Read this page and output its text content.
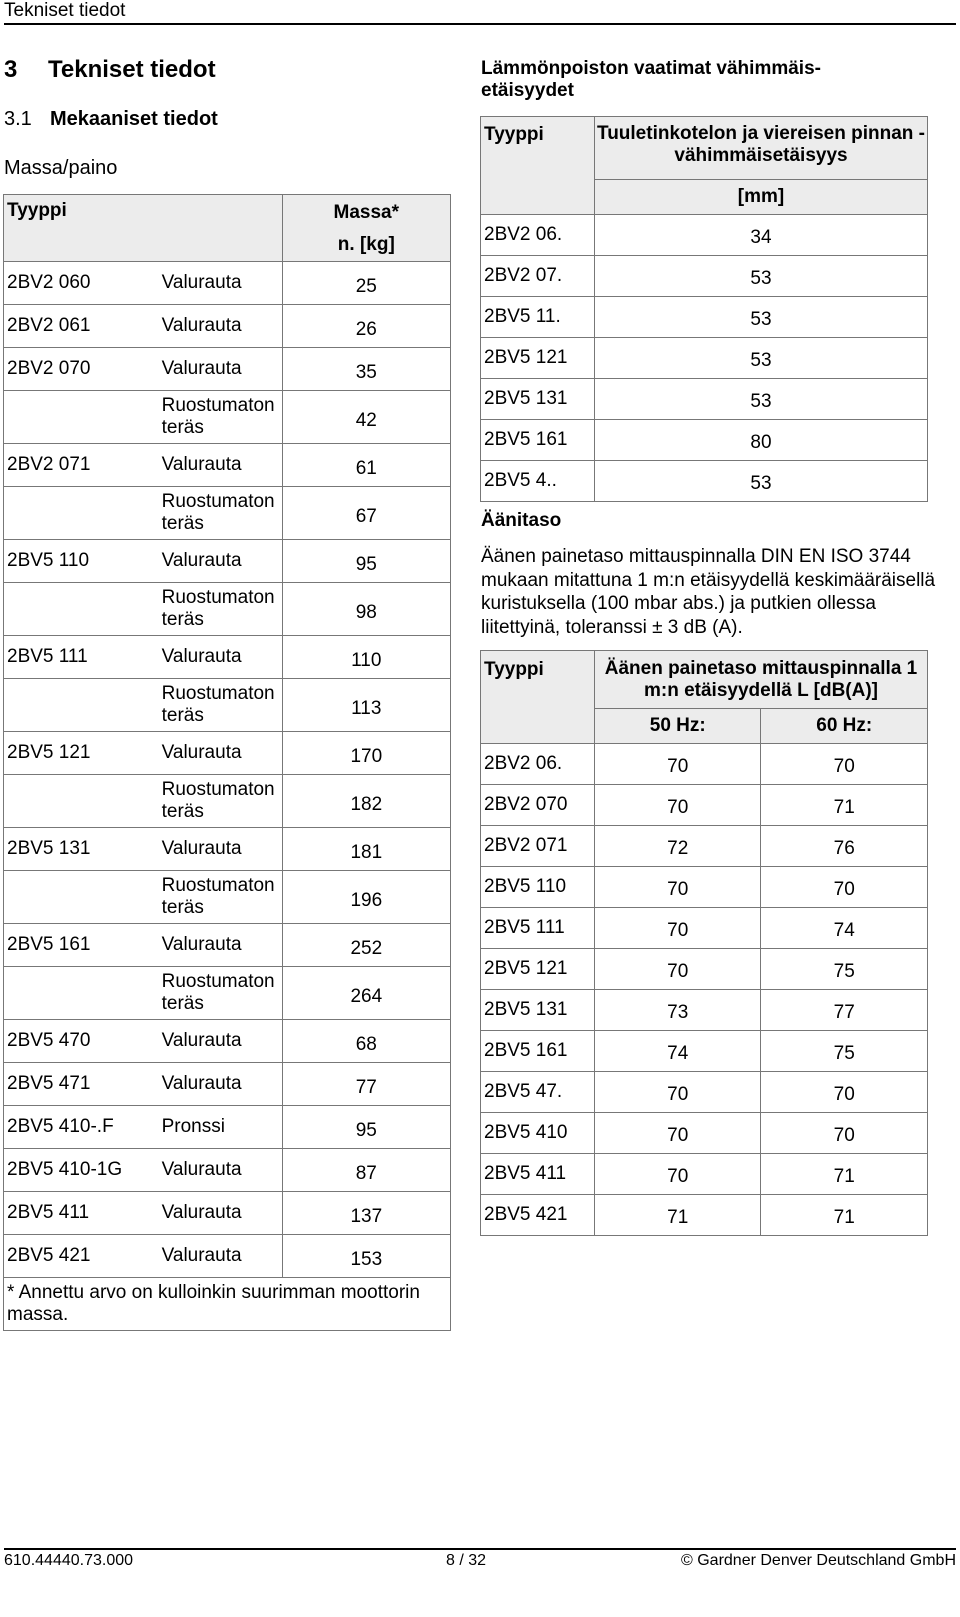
Tekniset tiedot
3 Tekniset tiedot
3.1 Mekaaniset tiedot
Massa/paino
Tyyppi		Massa*
n. [kg]
2BV2 060	Valurauta	25
2BV2 061	Valurauta	26
2BV2 070	Valurauta	35
	Ruostumaton teräs	42
2BV2 071	Valurauta	61
	Ruostumaton teräs	67
2BV5 110	Valurauta	95
	Ruostumaton teräs	98
2BV5 111	Valurauta	110
	Ruostumaton teräs	113
2BV5 121	Valurauta	170
	Ruostumaton teräs	182
2BV5 131	Valurauta	181
	Ruostumaton teräs	196
2BV5 161	Valurauta	252
	Ruostumaton teräs	264
2BV5 470	Valurauta	68
2BV5 471	Valurauta	77
2BV5 410-.F	Pronssi	95
2BV5 410-1G	Valurauta	87
2BV5 411	Valurauta	137
2BV5 421	Valurauta	153

* Annettu arvo on kulloinkin suurimman moottorin massa.		
Lämmönpoiston vaatimat vähimmäis-etäisyydet
Tyyppi	Tuuletinkotelon ja viereisen pinnan -vähimmäisetäisyys
	[mm]
2BV2 06.	34
2BV2 07.	53
2BV5 11.	53
2BV5 121	53
2BV5 131	53
2BV5 161	80
2BV5 4..	53
Äänitaso
Äänen painetaso mittauspinnalla DIN EN ISO 3744 mukaan mitattuna 1 m:n etäisyydellä keskimääräisellä kuristuksella (100 mbar abs.) ja putkien ollessa liitettyinä, toleranssi ± 3 dB (A).
Tyyppi	Äänen painetaso mittauspinnalla 1 m:n etäisyydellä L [dB(A)]	
	50 Hz:	60 Hz:
2BV2 06.	70	70
2BV2 070	70	71
2BV2 071	72	76
2BV5 110	70	70
2BV5 111	70	74
2BV5 121	70	75
2BV5 131	73	77
2BV5 161	74	75
2BV5 47.	70	70
2BV5 410	70	70
2BV5 411	70	71
2BV5 421	71	71
610.44440.73.000	8 / 32	© Gardner Denver Deutschland GmbH
